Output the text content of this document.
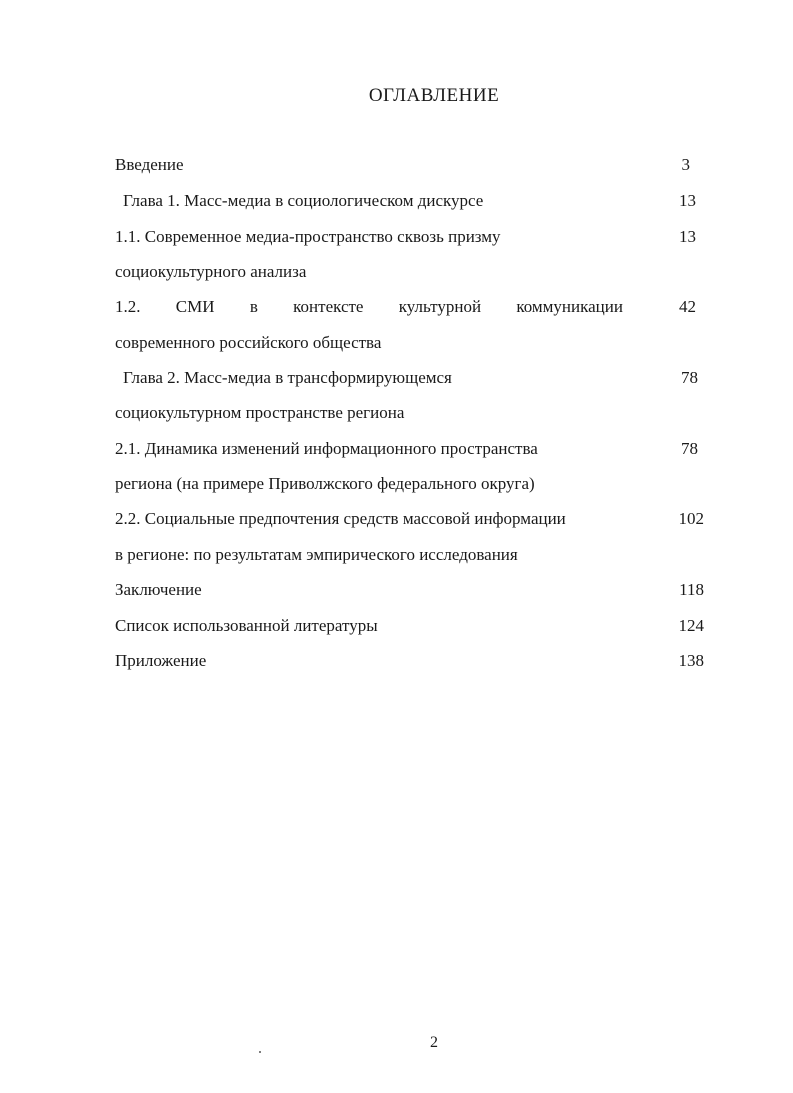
ОГЛАВЛЕНИЕ
Введение	3
Глава 1. Масс-медиа в социологическом дискурсе	13
1.1. Современное медиа-пространство сквозь призму	13
социокультурного анализа
1.2. СМИ в контексте культурной коммуникации	42
современного российского общества
Глава 2. Масс-медиа в трансформирующемся	78
социокультурном пространстве региона
2.1. Динамика изменений информационного пространства	78
региона (на примере Приволжского федерального округа)
2.2. Социальные предпочтения средств массовой информации	102
в регионе: по результатам эмпирического исследования
Заключение	118
Список использованной литературы	124
Приложение	138
2
